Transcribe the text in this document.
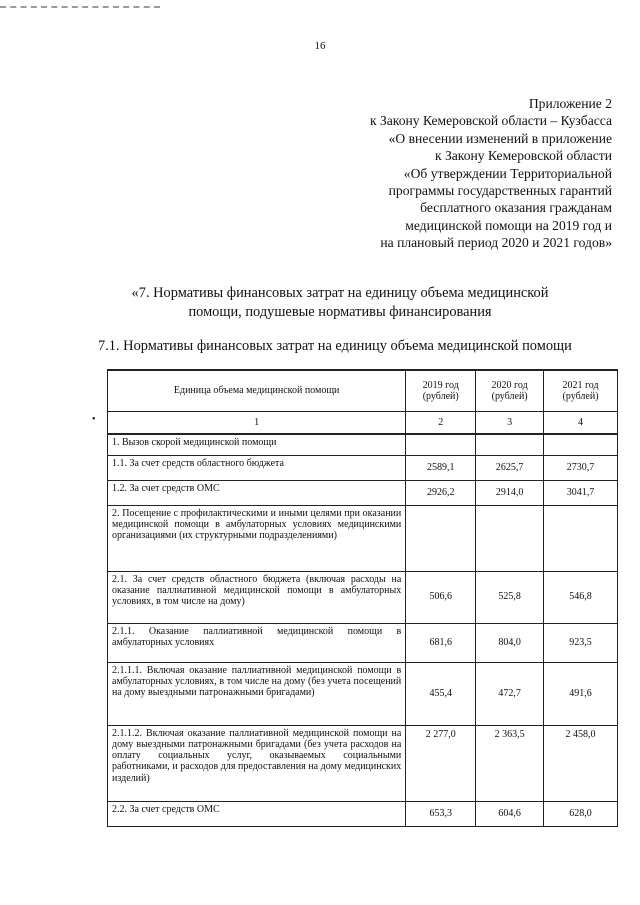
16
Приложение 2
к Закону Кемеровской области – Кузбасса
«О внесении изменений в приложение
к Закону Кемеровской области
«Об утверждении Территориальной
программы государственных гарантий
бесплатного оказания гражданам
медицинской помощи на 2019 год и
на плановый период 2020 и 2021 годов»
«7. Нормативы финансовых затрат на единицу объема медицинской
помощи, подушевые нормативы финансирования
7.1. Нормативы финансовых затрат на единицу объема медицинской помощи
•
Единица объема медицинской помощи	2019 год (рублей)	2020 год (рублей)	2021 год (рублей)
1	2	3	4
1. Вызов скорой медицинской помощи			
1.1. За счет средств областного бюджета	2589,1	2625,7	2730,7
1.2. За счет средств ОМС	2926,2	2914,0	3041,7
2. Посещение с профилактическими и иными целями при оказании медицинской помощи в амбулаторных условиях медицинскими организациями (их структурными подразделениями)			
2.1. За счет средств областного бюджета (включая расходы на оказание паллиативной медицинской помощи в амбулаторных условиях, в том числе на дому)	506,6	525,8	546,8
2.1.1. Оказание паллиативной медицинской помощи в амбулаторных условиях	681,6	804,0	923,5
2.1.1.1. Включая оказание паллиативной медицинской помощи в амбулаторных условиях, в том числе на дому (без учета посещений на дому выездными патронажными бригадами)	455,4	472,7	491,6
2.1.1.2. Включая оказание паллиативной медицинской помощи на дому выездными патронажными бригадами (без учета расходов на оплату социальных услуг, оказываемых социальными работниками, и расходов для предоставления на дому медицинских изделий)	2 277,0	2 363,5	2 458,0
2.2. За счет средств ОМС	653,3	604,6	628,0
